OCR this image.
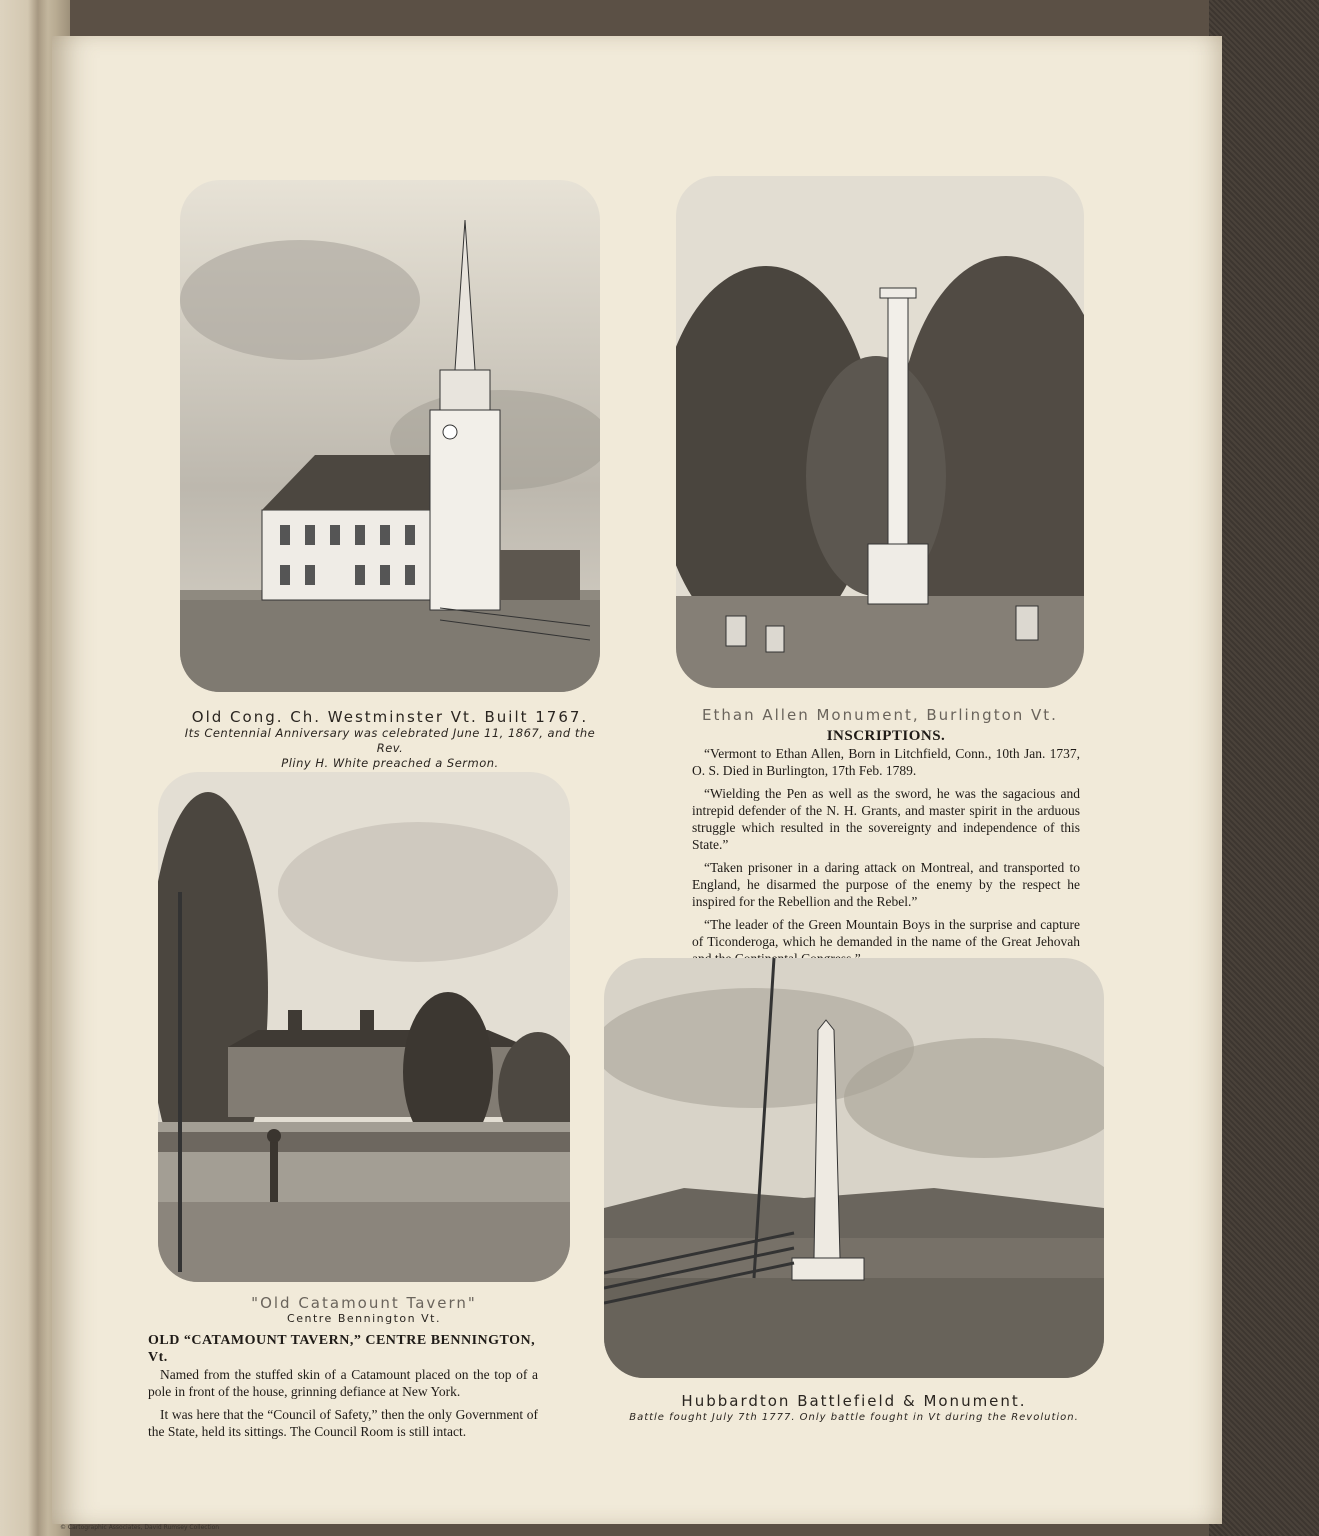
Old Cong. Ch. Westminster Vt. Built 1767.
Its Centennial Anniversary was celebrated June 11, 1867, and the Rev.
Pliny H. White preached a Sermon.
Ethan Allen Monument, Burlington Vt.
INSCRIPTIONS.

“Vermont to Ethan Allen, Born in Litchfield, Conn., 10th Jan. 1737, O. S. Died in Burlington, 17th Feb. 1789.

“Wielding the Pen as well as the sword, he was the sagacious and intrepid defender of the N. H. Grants, and master spirit in the arduous struggle which resulted in the sovereignty and independence of this State.”

“Taken prisoner in a daring attack on Montreal, and transported to England, he disarmed the purpose of the enemy by the respect he inspired for the Rebellion and the Rebel.”

“The leader of the Green Mountain Boys in the surprise and capture of Ticonderoga, which he demanded in the name of the Great Jehovah

"Old Catamount Tavern"
Centre Bennington Vt.
OLD “CATAMOUNT TAVERN,” CENTRE BENNINGTON, Vt.

Named from the stuffed skin of a Catamount placed on the top of a pole in front of the house, grinning defiance at New York.

It was here that the “Council of Safety,” then the only Government of the State, held its sittings. The Council Room is still intact.

Hubbardton Battlefield & Monument.
Battle fought July 7th 1777. Only battle fought in Vt during the Revolution.
© Cartographic Associates, David Rumsey Collection
